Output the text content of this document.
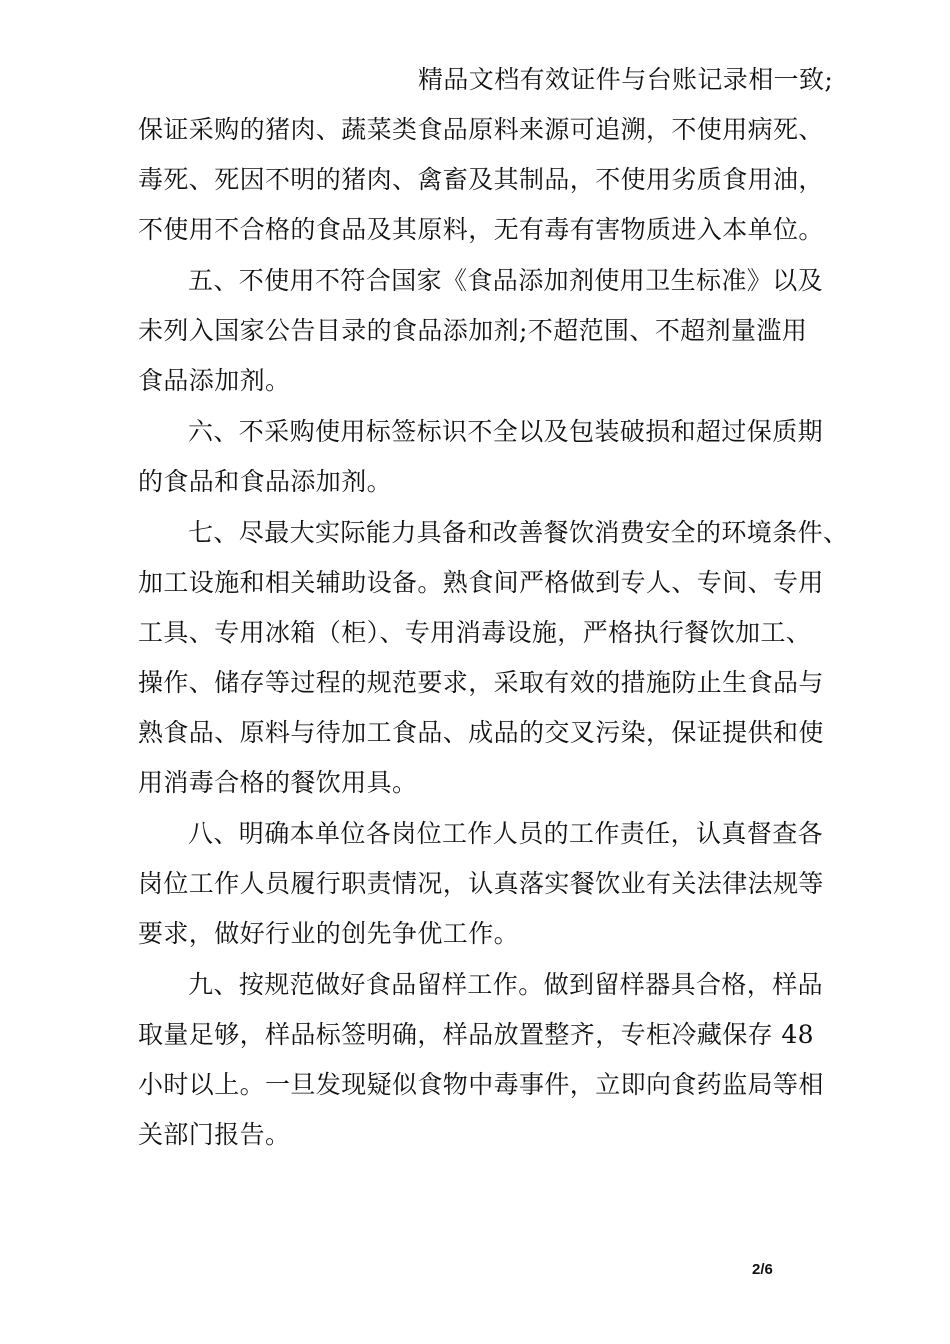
精品文档有效证件与台账记录相一致;
保证采购的猪肉、蔬菜类食品原料来源可追溯，不使用病死、
毒死、死因不明的猪肉、禽畜及其制品，不使用劣质食用油，
不使用不合格的食品及其原料，无有毒有害物质进入本单位。
五、不使用不符合国家《食品添加剂使用卫生标准》以及
未列入国家公告目录的食品添加剂;不超范围、不超剂量滥用
食品添加剂。
六、不采购使用标签标识不全以及包装破损和超过保质期
的食品和食品添加剂。
七、尽最大实际能力具备和改善餐饮消费安全的环境条件、
加工设施和相关辅助设备。熟食间严格做到专人、专间、专用
工具、专用冰箱（柜）、专用消毒设施，严格执行餐饮加工、
操作、储存等过程的规范要求，采取有效的措施防止生食品与
熟食品、原料与待加工食品、成品的交叉污染，保证提供和使
用消毒合格的餐饮用具。
八、明确本单位各岗位工作人员的工作责任，认真督查各
岗位工作人员履行职责情况，认真落实餐饮业有关法律法规等
要求，做好行业的创先争优工作。
九、按规范做好食品留样工作。做到留样器具合格，样品
取量足够，样品标签明确，样品放置整齐，专柜冷藏保存 48
小时以上。一旦发现疑似食物中毒事件，立即向食药监局等相
关部门报告。
2/6
